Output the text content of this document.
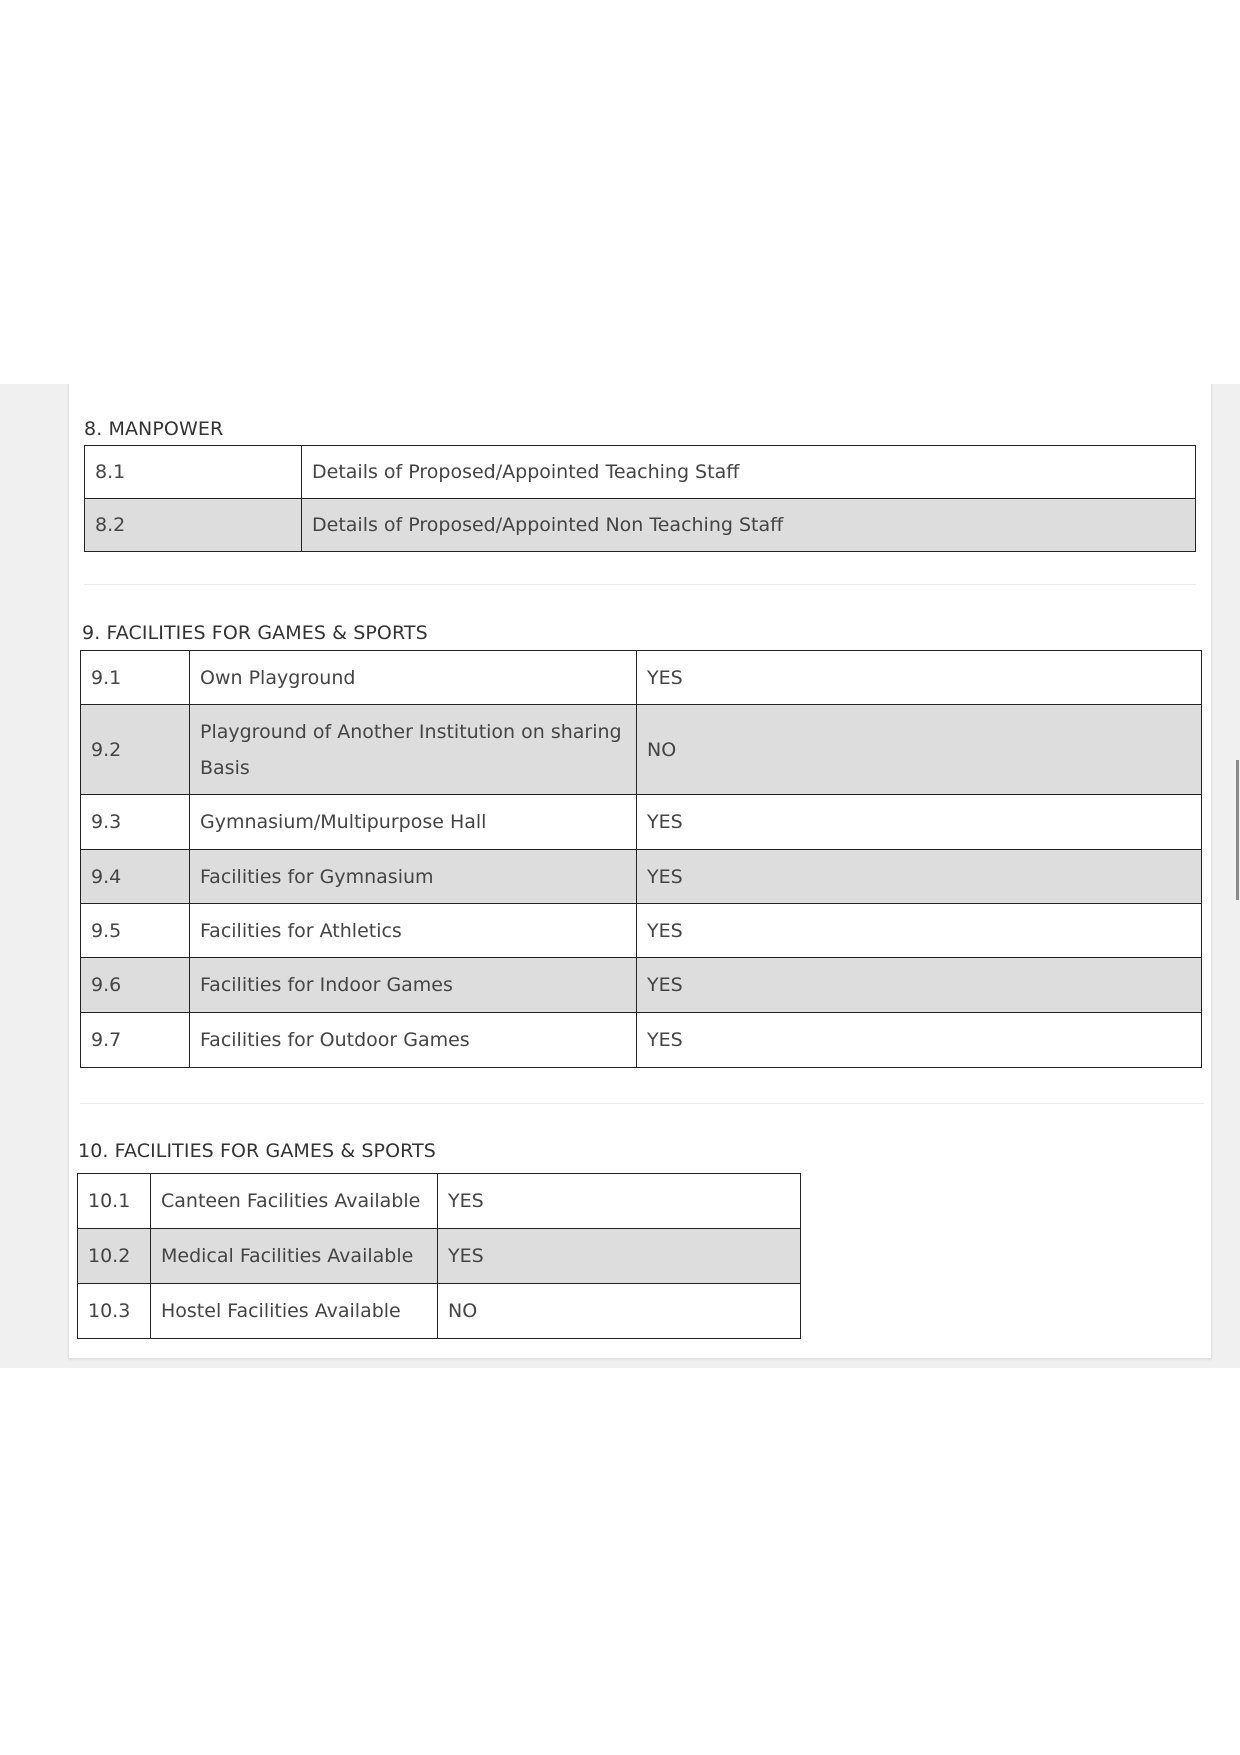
8. MANPOWER
8.1	Details of Proposed/Appointed Teaching Staff
8.2	Details of Proposed/Appointed Non Teaching Staff
9. FACILITIES FOR GAMES & SPORTS
9.1	Own Playground	YES
9.2	Playground of Another Institution on sharing Basis	NO
9.3	Gymnasium/Multipurpose Hall	YES
9.4	Facilities for Gymnasium	YES
9.5	Facilities for Athletics	YES
9.6	Facilities for Indoor Games	YES
9.7	Facilities for Outdoor Games	YES
10. FACILITIES FOR GAMES & SPORTS
10.1	Canteen Facilities Available	YES
10.2	Medical Facilities Available	YES
10.3	Hostel Facilities Available	NO
